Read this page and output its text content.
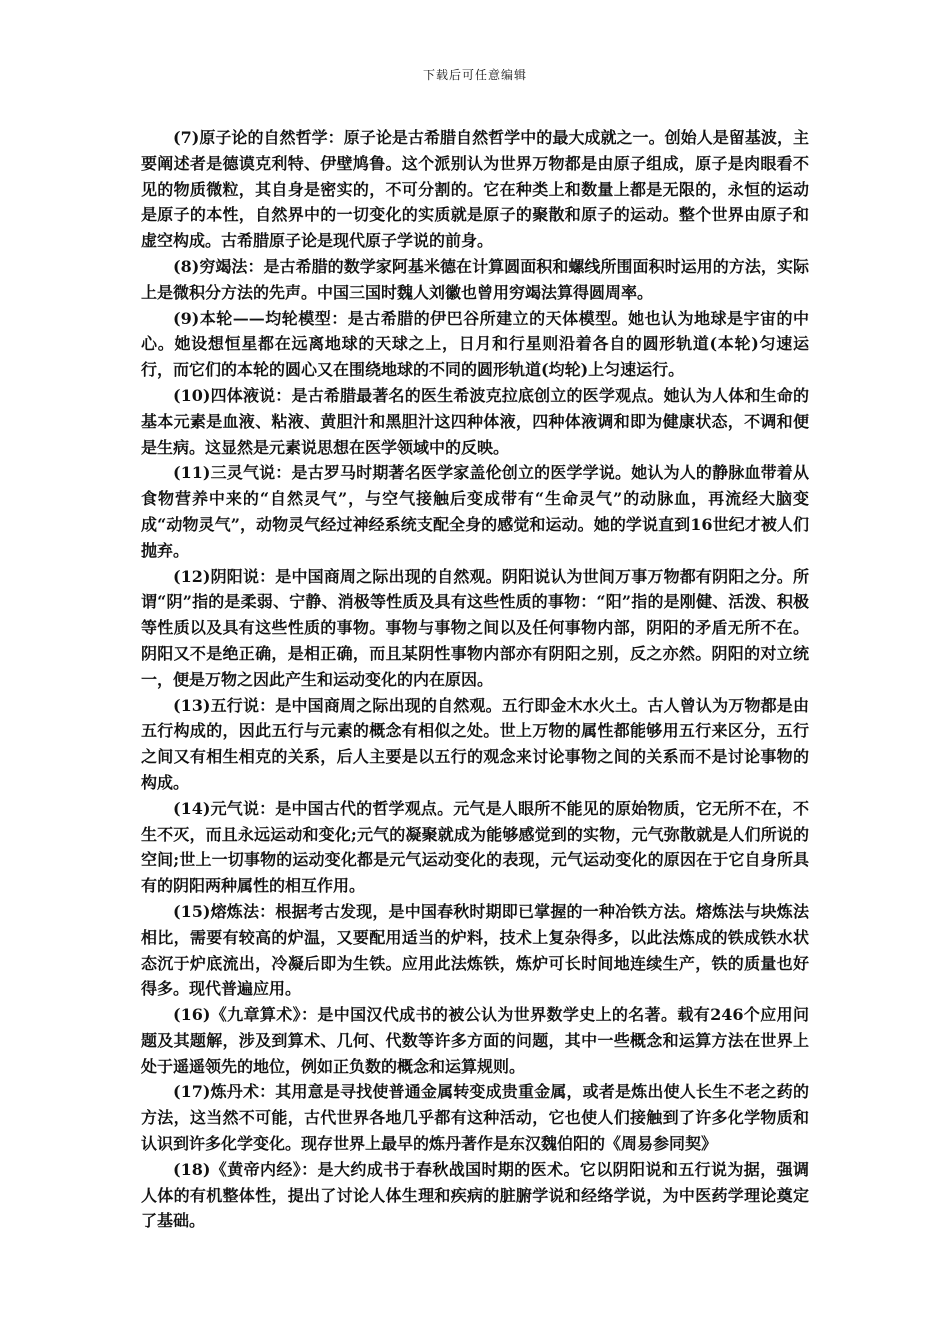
下载后可任意编辑

(7)原子论的自然哲学：原子论是古希腊自然哲学中的最大成就之一。创始人是留基波，主要阐述者是德谟克利特、伊壁鸠鲁。这个派别认为世界万物都是由原子组成，原子是肉眼看不见的物质微粒，其自身是密实的，不可分割的。它在种类上和数量上都是无限的，永恒的运动是原子的本性，自然界中的一切变化的实质就是原子的聚散和原子的运动。整个世界由原子和虚空构成。古希腊原子论是现代原子学说的前身。

(8)穷竭法：是古希腊的数学家阿基米德在计算圆面积和螺线所围面积时运用的方法，实际上是微积分方法的先声。中国三国时魏人刘徽也曾用穷竭法算得圆周率。

(9)本轮——均轮模型：是古希腊的伊巴谷所建立的天体模型。她也认为地球是宇宙的中心。她设想恒星都在远离地球的天球之上，日月和行星则沿着各自的圆形轨道(本轮)匀速运行，而它们的本轮的圆心又在围绕地球的不同的圆形轨道(均轮)上匀速运行。

(10)四体液说：是古希腊最著名的医生希波克拉底创立的医学观点。她认为人体和生命的基本元素是血液、粘液、黄胆汁和黑胆汁这四种体液，四种体液调和即为健康状态，不调和便是生病。这显然是元素说思想在医学领域中的反映。

(11)三灵气说：是古罗马时期著名医学家盖伦创立的医学学说。她认为人的静脉血带着从食物营养中来的“自然灵气”，与空气接触后变成带有“生命灵气”的动脉血，再流经大脑变成“动物灵气”，动物灵气经过神经系统支配全身的感觉和运动。她的学说直到16世纪才被人们抛弃。

(12)阴阳说：是中国商周之际出现的自然观。阴阳说认为世间万事万物都有阴阳之分。所谓“阴”指的是柔弱、宁静、消极等性质及具有这些性质的事物：“阳”指的是刚健、活泼、积极等性质以及具有这些性质的事物。事物与事物之间以及任何事物内部，阴阳的矛盾无所不在。阴阳又不是绝正确，是相正确，而且某阴性事物内部亦有阴阳之别，反之亦然。阴阳的对立统一，便是万物之因此产生和运动变化的内在原因。

(13)五行说：是中国商周之际出现的自然观。五行即金木水火土。古人曾认为万物都是由五行构成的，因此五行与元素的概念有相似之处。世上万物的属性都能够用五行来区分，五行之间又有相生相克的关系，后人主要是以五行的观念来讨论事物之间的关系而不是讨论事物的构成。

(14)元气说：是中国古代的哲学观点。元气是人眼所不能见的原始物质，它无所不在，不生不灭，而且永远运动和变化;元气的凝聚就成为能够感觉到的实物，元气弥散就是人们所说的空间;世上一切事物的运动变化都是元气运动变化的表现，元气运动变化的原因在于它自身所具有的阴阳两种属性的相互作用。

(15)熔炼法：根据考古发现，是中国春秋时期即已掌握的一种冶铁方法。熔炼法与块炼法相比，需要有较高的炉温，又要配用适当的炉料，技术上复杂得多，以此法炼成的铁成铁水状态沉于炉底流出，冷凝后即为生铁。应用此法炼铁，炼炉可长时间地连续生产，铁的质量也好得多。现代普遍应用。

(16)《九章算术》：是中国汉代成书的被公认为世界数学史上的名著。载有246个应用问题及其题解，涉及到算术、几何、代数等许多方面的问题，其中一些概念和运算方法在世界上处于遥遥领先的地位，例如正负数的概念和运算规则。

(17)炼丹术：其用意是寻找使普通金属转变成贵重金属，或者是炼出使人长生不老之药的方法，这当然不可能，古代世界各地几乎都有这种活动，它也使人们接触到了许多化学物质和认识到许多化学变化。现存世界上最早的炼丹著作是东汉魏伯阳的《周易参同契》

(18)《黄帝内经》：是大约成书于春秋战国时期的医术。它以阴阳说和五行说为据，强调人体的有机整体性，提出了讨论人体生理和疾病的脏腑学说和经络学说，为中医药学理论奠定了基础。
